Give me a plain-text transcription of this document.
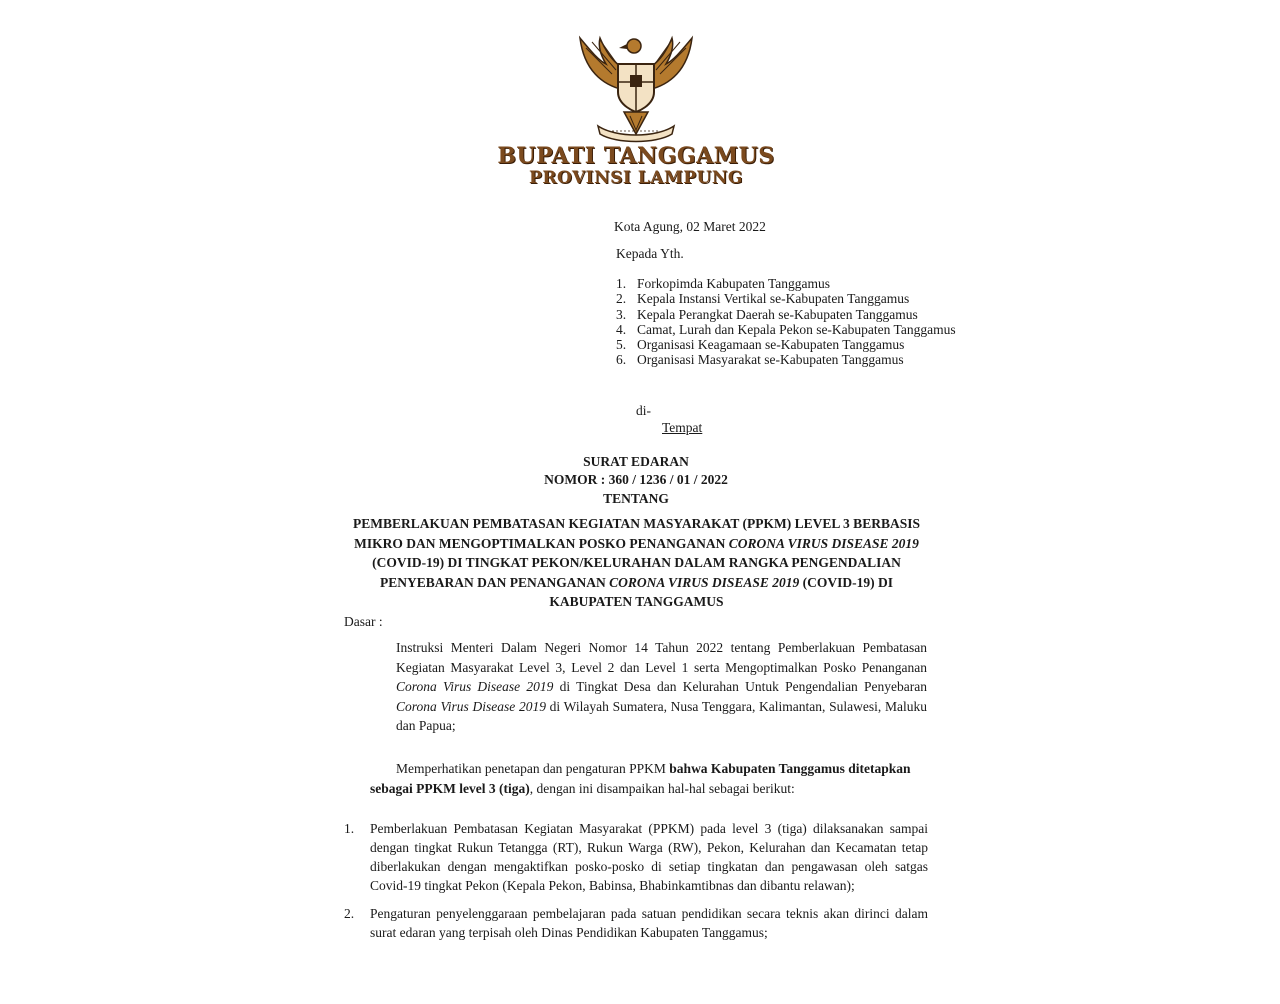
BUPATI TANGGAMUS
PROVINSI LAMPUNG
Kota Agung, 02 Maret 2022
Kepada Yth.
1. Forkopimda Kabupaten Tanggamus
2. Kepala Instansi Vertikal se-Kabupaten Tanggamus
3. Kepala Perangkat Daerah se-Kabupaten Tanggamus
4. Camat, Lurah dan Kepala Pekon se-Kabupaten Tanggamus
5. Organisasi Keagamaan se-Kabupaten Tanggamus
6. Organisasi Masyarakat se-Kabupaten Tanggamus
di-
Tempat
SURAT EDARAN
NOMOR : 360 / 1236 / 01 / 2022
TENTANG

PEMBERLAKUAN PEMBATASAN KEGIATAN MASYARAKAT (PPKM) LEVEL 3 BERBASIS MIKRO DAN MENGOPTIMALKAN POSKO PENANGANAN CORONA VIRUS DISEASE 2019 (COVID-19) DI TINGKAT PEKON/KELURAHAN DALAM RANGKA PENGENDALIAN PENYEBARAN DAN PENANGANAN CORONA VIRUS DISEASE 2019 (COVID-19) DI KABUPATEN TANGGAMUS

Dasar :

Instruksi Menteri Dalam Negeri Nomor 14 Tahun 2022 tentang Pemberlakuan Pembatasan Kegiatan Masyarakat Level 3, Level 2 dan Level 1 serta Mengoptimalkan Posko Penanganan Corona Virus Disease 2019 di Tingkat Desa dan Kelurahan Untuk Pengendalian Penyebaran Corona Virus Disease 2019 di Wilayah Sumatera, Nusa Tenggara, Kalimantan, Sulawesi, Maluku dan Papua;

Memperhatikan penetapan dan pengaturan PPKM bahwa Kabupaten Tanggamus ditetapkan sebagai PPKM level 3 (tiga), dengan ini disampaikan hal-hal sebagai berikut:

1.	Pemberlakuan Pembatasan Kegiatan Masyarakat (PPKM) pada level 3 (tiga) dilaksanakan sampai dengan tingkat Rukun Tetangga (RT), Rukun Warga (RW), Pekon, Kelurahan dan Kecamatan tetap diberlakukan dengan mengaktifkan posko-posko di setiap tingkatan dan pengawasan oleh satgas Covid-19 tingkat Pekon (Kepala Pekon, Babinsa, Bhabinkamtibnas dan dibantu relawan);
2.	Pengaturan penyelenggaraan pembelajaran pada satuan pendidikan secara teknis akan dirinci dalam surat edaran yang terpisah oleh Dinas Pendidikan Kabupaten Tanggamus;
